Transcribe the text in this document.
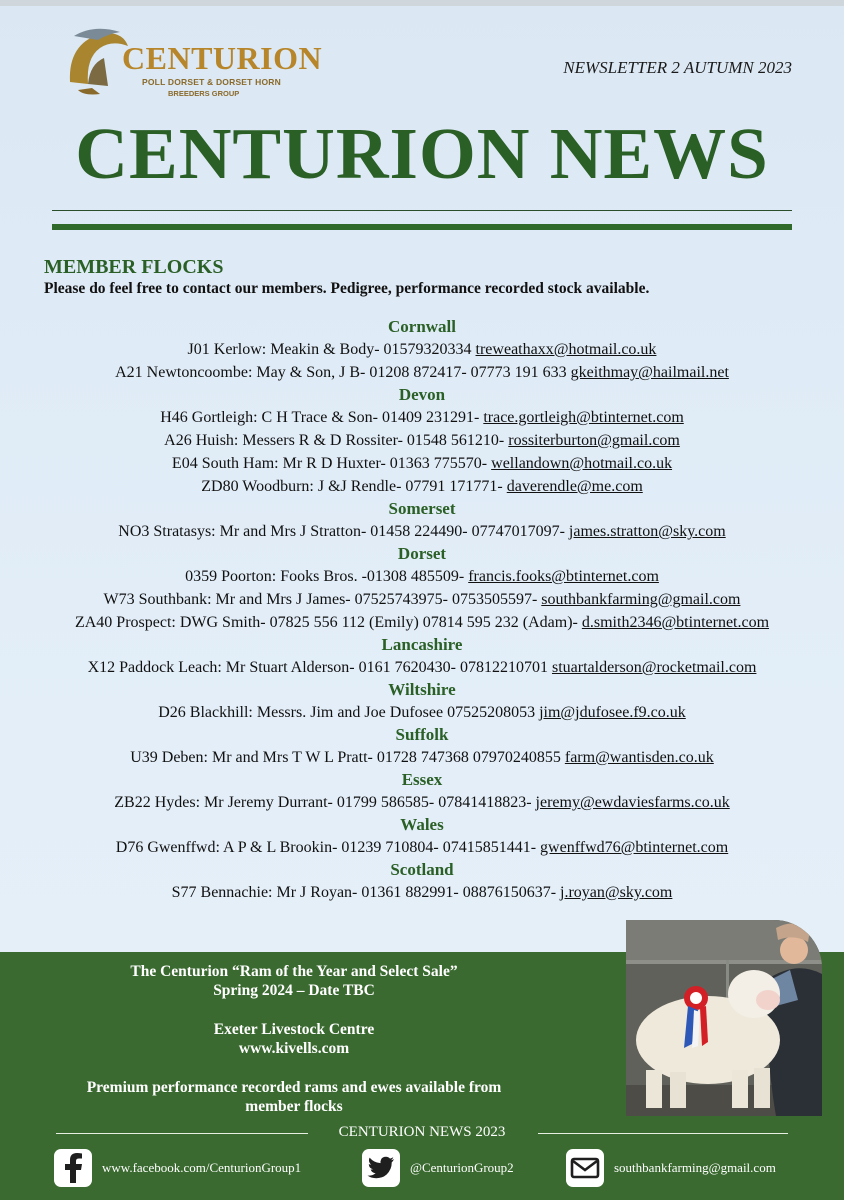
CENTURION
POLL DORSET & DORSET HORN
BREEDERS GROUP
NEWSLETTER 2 AUTUMN 2023
CENTURION NEWS
MEMBER FLOCKS
Please do feel free to contact our members. Pedigree, performance recorded stock available.
Cornwall
J01 Kerlow: Meakin & Body- 01579320334 treweathaxx@hotmail.co.uk
A21 Newtoncoombe: May & Son, J B- 01208 872417- 07773 191 633 gkeithmay@hailmail.net
Devon
H46 Gortleigh: C H Trace & Son- 01409 231291- trace.gortleigh@btinternet.com
A26 Huish: Messers R & D Rossiter- 01548 561210- rossiterburton@gmail.com
E04 South Ham: Mr R D Huxter- 01363 775570- wellandown@hotmail.co.uk
ZD80 Woodburn: J &J Rendle- 07791 171771- daverendle@me.com
Somerset
NO3 Stratasys: Mr and Mrs J Stratton- 01458 224490- 07747017097- james.stratton@sky.com
Dorset
0359 Poorton: Fooks Bros. -01308 485509- francis.fooks@btinternet.com
W73 Southbank: Mr and Mrs J James- 07525743975- 0753505597- southbankfarming@gmail.com
ZA40 Prospect: DWG Smith- 07825 556 112 (Emily) 07814 595 232 (Adam)- d.smith2346@btinternet.com
Lancashire
X12 Paddock Leach: Mr Stuart Alderson- 0161 7620430- 07812210701 stuartalderson@rocketmail.com
Wiltshire
D26 Blackhill: Messrs. Jim and Joe Dufosee 07525208053 jim@jdufosee.f9.co.uk
Suffolk
U39 Deben: Mr and Mrs T W L Pratt- 01728 747368 07970240855 farm@wantisden.co.uk
Essex
ZB22 Hydes: Mr Jeremy Durrant- 01799 586585- 07841418823- jeremy@ewdaviesfarms.co.uk
Wales
D76 Gwenffwd: A P & L Brookin- 01239 710804- 07415851441- gwenffwd76@btinternet.com
Scotland
S77 Bennachie: Mr J Royan- 01361 882991- 08876150637- j.royan@sky.com
The Centurion “Ram of the Year and Select Sale”
Spring 2024 – Date TBC
Exeter Livestock Centre
www.kivells.com
Premium performance recorded rams and ewes available from
member flocks
CENTURION NEWS 2023
www.facebook.com/CenturionGroup1	@CenturionGroup2	southbankfarming@gmail.com
